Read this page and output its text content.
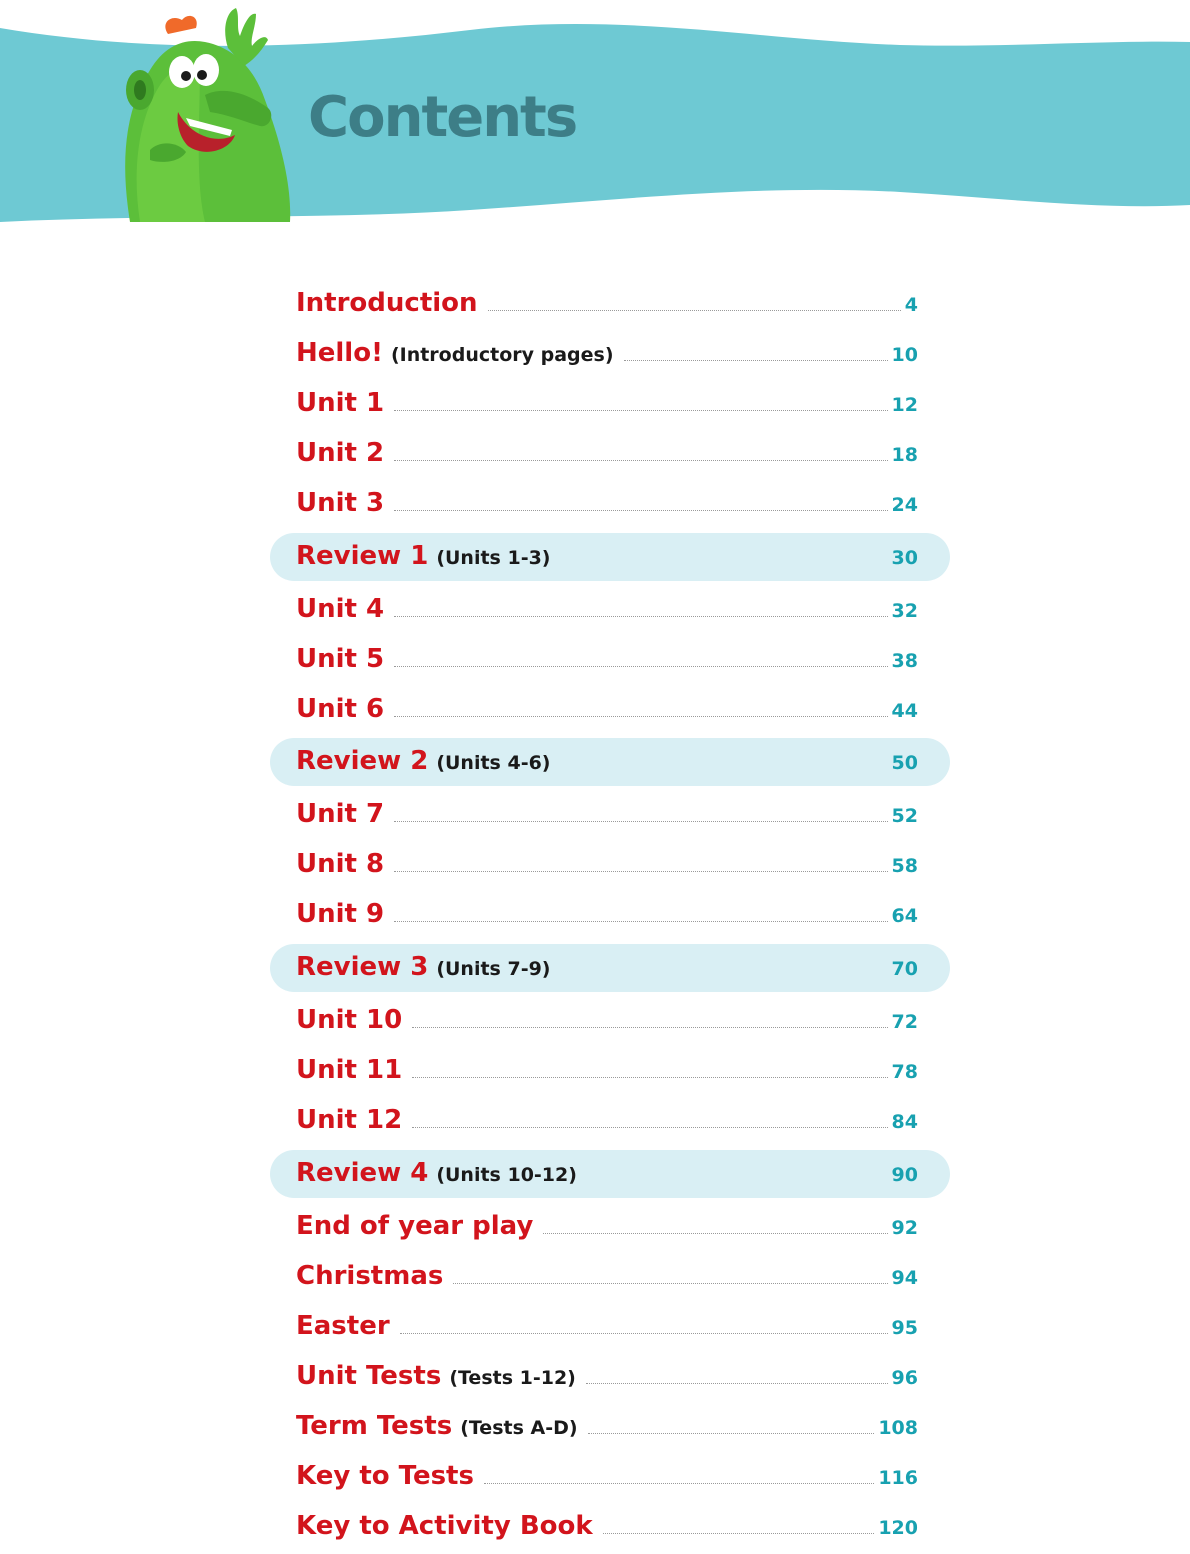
Contents
Introduction	4
Hello! (Introductory pages)	10
Unit 1	12
Unit 2	18
Unit 3	24
Review 1 (Units 1-3)	30
Unit 4	32
Unit 5	38
Unit 6	44
Review 2 (Units 4-6)	50
Unit 7	52
Unit 8	58
Unit 9	64
Review 3 (Units 7-9)	70
Unit 10	72
Unit 11	78
Unit 12	84
Review 4 (Units 10-12)	90
End of year play	92
Christmas	94
Easter	95
Unit Tests (Tests 1-12)	96
Term Tests (Tests A-D)	108
Key to Tests	116
Key to Activity Book	120
